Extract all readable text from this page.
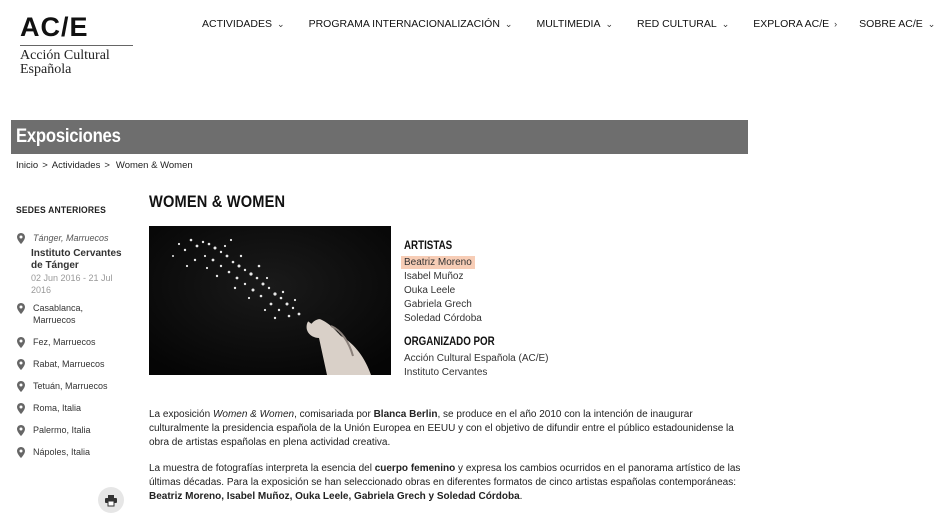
AC/E
Acción Cultural
Española
ACTIVIDADES ⌄ PROGRAMA INTERNACIONALIZACIÓN ⌄ MULTIMEDIA ⌄ RED CULTURAL ⌄ EXPLORA AC/E › SOBRE AC/E ⌄
Exposiciones
Inicio > Actividades > Women & Women
SEDES ANTERIORES
Tánger, Marruecos
Instituto Cervantes de Tánger
02 Jun 2016 - 21 Jul 2016
Casablanca, Marruecos
Fez, Marruecos
Rabat, Marruecos
Tetuán, Marruecos
Roma, Italia
Palermo, Italia
Nápoles, Italia
WOMEN & WOMEN
ARTISTAS
Beatriz Moreno
Isabel Muñoz
Ouka Leele
Gabriela Grech
Soledad Córdoba
ORGANIZADO POR
Acción Cultural Española (AC/E)
Instituto Cervantes

La exposición Women & Women, comisariada por Blanca Berlin, se produce en el año 2010 con la intención de inaugurar culturalmente la presidencia española de la Unión Europea en EEUU y con el objetivo de difundir entre el público estadounidense la obra de artistas españolas en plena actividad creativa.

La muestra de fotografías interpreta la esencia del cuerpo femenino y expresa los cambios ocurridos en el panorama artístico de las últimas décadas. Para la exposición se han seleccionado obras en diferentes formatos de cinco artistas españolas contemporáneas: Beatriz Moreno, Isabel Muñoz, Ouka Leele, Gabriela Grech y Soledad Córdoba.
